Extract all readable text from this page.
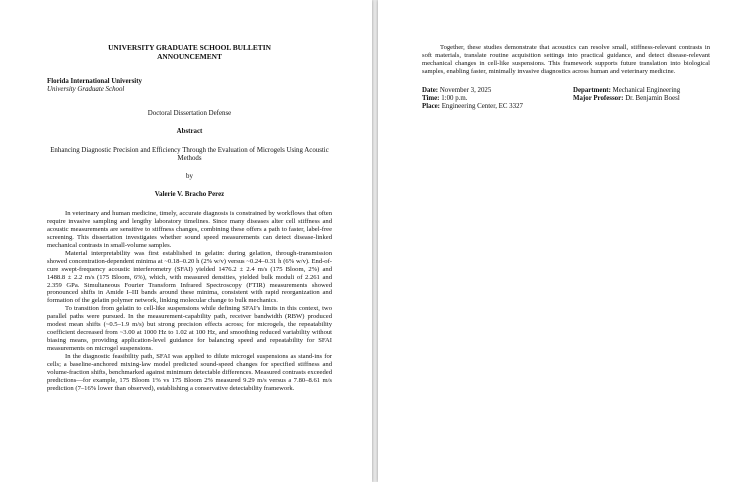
UNIVERSITY GRADUATE SCHOOL BULLETIN
ANNOUNCEMENT

Florida International University
University Graduate School
Doctoral Dissertation Defense
Abstract
Enhancing Diagnostic Precision and Efficiency Through the Evaluation of Microgels Using Acoustic Methods
by
Valerie V. Bracho Perez

In veterinary and human medicine, timely, accurate diagnosis is constrained by workflows that often require invasive sampling and lengthy laboratory timelines. Since many diseases alter cell stiffness and acoustic measurements are sensitive to stiffness changes, combining these offers a path to faster, label-free screening. This dissertation investigates whether sound speed measurements can detect disease-linked mechanical contrasts in small-volume samples.

Material interpretability was first established in gelatin: during gelation, through-transmission showed concentration-dependent minima at ~0.18–0.20 h (2% w/v) versus ~0.24–0.31 h (6% w/v). End-of-cure swept-frequency acoustic interferometry (SFAI) yielded 1476.2 ± 2.4 m/s (175 Bloom, 2%) and 1488.8 ± 2.2 m/s (175 Bloom, 6%), which, with measured densities, yielded bulk moduli of 2.261 and 2.359 GPa. Simultaneous Fourier Transform Infrared Spectroscopy (FTIR) measurements showed pronounced shifts in Amide I–III bands around these minima, consistent with rapid reorganization and formation of the gelatin polymer network, linking molecular change to bulk mechanics.

To transition from gelatin to cell-like suspensions while defining SFAI’s limits in this context, two parallel paths were pursued. In the measurement-capability path, receiver bandwidth (RBW) produced modest mean shifts (~0.5–1.9 m/s) but strong precision effects across; for microgels, the repeatability coefficient decreased from ~3.00 at 1000 Hz to 1.02 at 100 Hz, and smoothing reduced variability without biasing means, providing application-level guidance for balancing speed and repeatability for SFAI measurements on microgel suspensions.

In the diagnostic feasibility path, SFAI was applied to dilute microgel suspensions as stand-ins for cells; a baseline-anchored mixing-law model predicted sound-speed changes for specified stiffness and volume-fraction shifts, benchmarked against minimum detectable differences. Measured contrasts exceeded predictions—for example, 175 Bloom 1% vs 175 Bloom 2% measured 9.29 m/s versus a 7.80–8.61 m/s prediction (7–16% lower than observed), establishing a conservative detectability framework.

Together, these studies demonstrate that acoustics can resolve small, stiffness-relevant contrasts in soft materials, translate routine acquisition settings into practical guidance, and detect disease-relevant mechanical changes in cell-like suspensions. This framework supports future translation into biological samples, enabling faster, minimally invasive diagnostics across human and veterinary medicine.

Date: November 3, 2025
Time: 1:00 p.m.
Place: Engineering Center, EC 3327
Department: Mechanical Engineering
Major Professor: Dr. Benjamin Boesl
